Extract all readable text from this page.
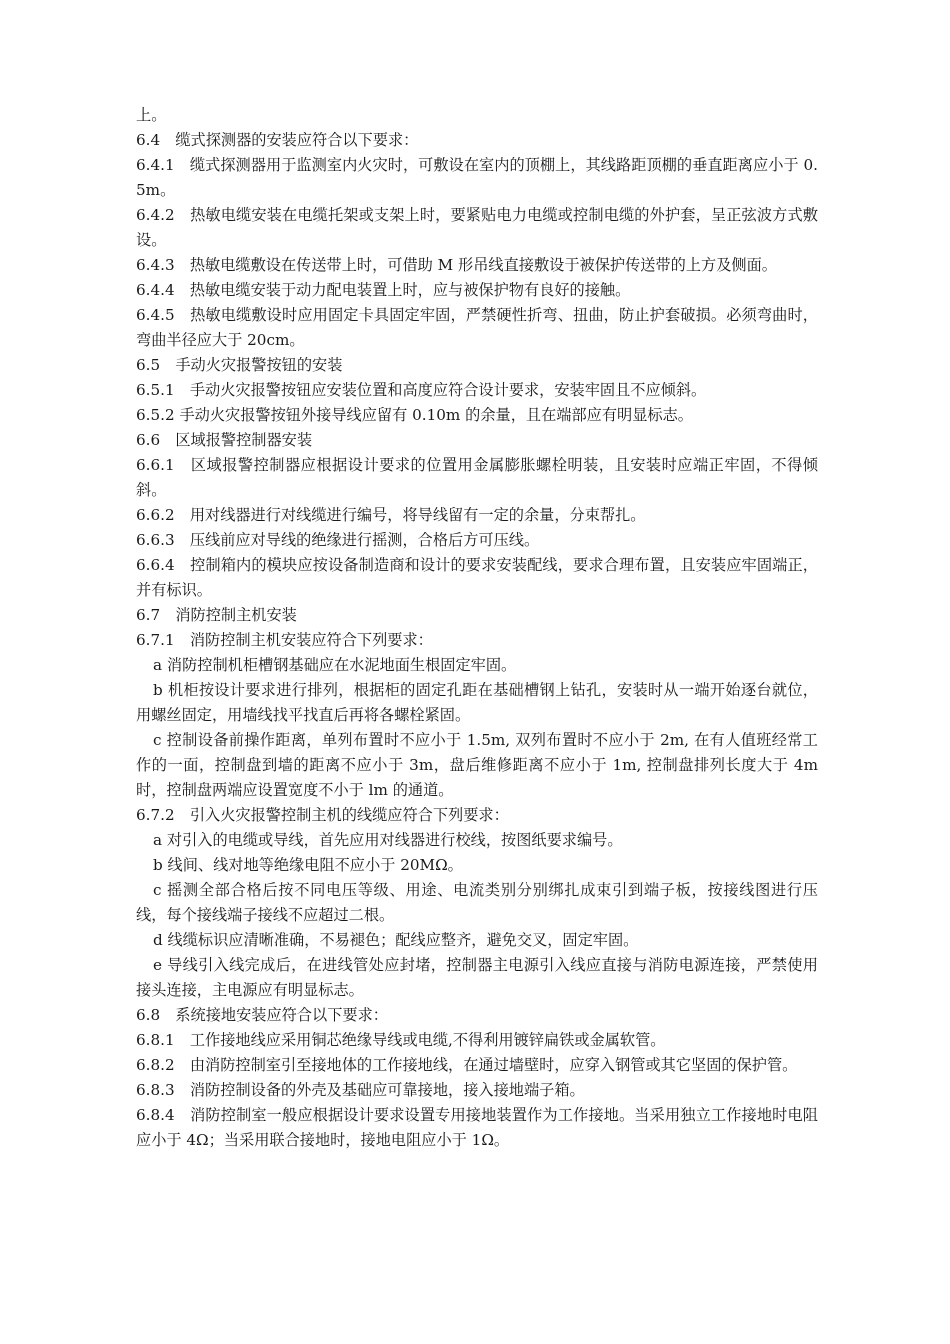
上。

6.4　缆式探测器的安装应符合以下要求：

6.4.1　缆式探测器用于监测室内火灾时，可敷设在室内的顶棚上，其线路距顶棚的垂直距离应小于 0.5m。

6.4.2　热敏电缆安装在电缆托架或支架上时，要紧贴电力电缆或控制电缆的外护套，呈正弦波方式敷设。

6.4.3　热敏电缆敷设在传送带上时，可借助 M 形吊线直接敷设于被保护传送带的上方及侧面。

6.4.4　热敏电缆安装于动力配电装置上时，应与被保护物有良好的接触。

6.4.5　热敏电缆敷设时应用固定卡具固定牢固，严禁硬性折弯、扭曲，防止护套破损。必须弯曲时，弯曲半径应大于 20cm。

6.5　手动火灾报警按钮的安装

6.5.1　手动火灾报警按钮应安装位置和高度应符合设计要求，安装牢固且不应倾斜。

6.5.2 手动火灾报警按钮外接导线应留有 0.10m 的余量，且在端部应有明显标志。

6.6　区域报警控制器安装

6.6.1　区域报警控制器应根据设计要求的位置用金属膨胀螺栓明装，且安装时应端正牢固，不得倾斜。

6.6.2　用对线器进行对线缆进行编号，将导线留有一定的余量，分束帮扎。

6.6.3　压线前应对导线的绝缘进行摇测，合格后方可压线。

6.6.4　控制箱内的模块应按设备制造商和设计的要求安装配线，要求合理布置，且安装应牢固端正，并有标识。

6.7　消防控制主机安装

6.7.1　消防控制主机安装应符合下列要求：

a 消防控制机柜槽钢基础应在水泥地面生根固定牢固。

b 机柜按设计要求进行排列，根据柜的固定孔距在基础槽钢上钻孔，安装时从一端开始逐台就位，用螺丝固定，用墙线找平找直后再将各螺栓紧固。

c 控制设备前操作距离，单列布置时不应小于 1.5m, 双列布置时不应小于 2m, 在有人值班经常工作的一面，控制盘到墙的距离不应小于 3m，盘后维修距离不应小于 1m, 控制盘排列长度大于 4m 时，控制盘两端应设置宽度不小于 lm 的通道。

6.7.2　引入火灾报警控制主机的线缆应符合下列要求：

a 对引入的电缆或导线，首先应用对线器进行校线，按图纸要求编号。

b 线间、线对地等绝缘电阻不应小于 20MΩ。

c 摇测全部合格后按不同电压等级、用途、电流类别分别绑扎成束引到端子板，按接线图进行压线，每个接线端子接线不应超过二根。

d 线缆标识应清晰准确，不易褪色；配线应整齐，避免交叉，固定牢固。

e 导线引入线完成后，在进线管处应封堵，控制器主电源引入线应直接与消防电源连接，严禁使用接头连接，主电源应有明显标志。

6.8　系统接地安装应符合以下要求：

6.8.1　工作接地线应采用铜芯绝缘导线或电缆,不得利用镀锌扁铁或金属软管。

6.8.2　由消防控制室引至接地体的工作接地线，在通过墙壁时，应穿入钢管或其它坚固的保护管。

6.8.3　消防控制设备的外壳及基础应可靠接地，接入接地端子箱。

6.8.4　消防控制室一般应根据设计要求设置专用接地装置作为工作接地。当采用独立工作接地时电阻应小于 4Ω；当采用联合接地时，接地电阻应小于 1Ω。
